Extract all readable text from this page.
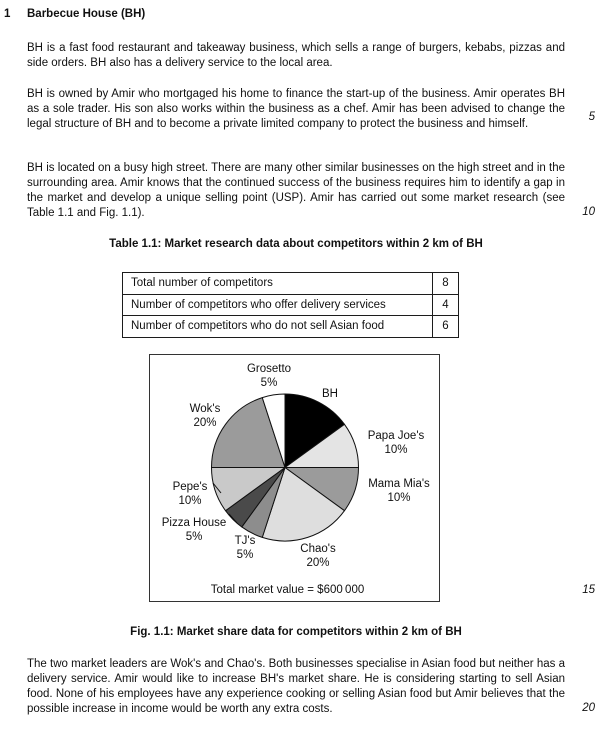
1 Barbecue House (BH)

BH is a fast food restaurant and takeaway business, which sells a range of burgers, kebabs, pizzas and side orders. BH also has a delivery service to the local area.

BH is owned by Amir who mortgaged his home to finance the start-up of the business. Amir operates BH as a sole trader. His son also works within the business as a chef. Amir has been advised to change the legal structure of BH and to become a private limited company to protect the business and himself.

BH is located on a busy high street. There are many other similar businesses on the high street and in the surrounding area. Amir knows that the continued success of the business requires him to identify a gap in the market and develop a unique selling point (USP). Amir has carried out some market research (see Table 1.1 and Fig. 1.1).

Table 1.1: Market research data about competitors within 2 km of BH
Total number of competitors	8
Number of competitors who offer delivery services	4
Number of competitors who do not sell Asian food	6
BH
Papa Joe's
10%
Mama Mia's
10%
Chao's
20%
TJ's
5%
Pizza House
5%
Pepe's
10%
Wok's
20%
Grosetto
5%
Total market value = $600 000
Fig. 1.1: Market share data for competitors within 2 km of BH

The two market leaders are Wok's and Chao's. Both businesses specialise in Asian food but neither has a delivery service. Amir would like to increase BH's market share. He is considering starting to sell Asian food. None of his employees have any experience cooking or selling Asian food but Amir believes that the possible increase in income would be worth any extra costs.

5
10
15
20
